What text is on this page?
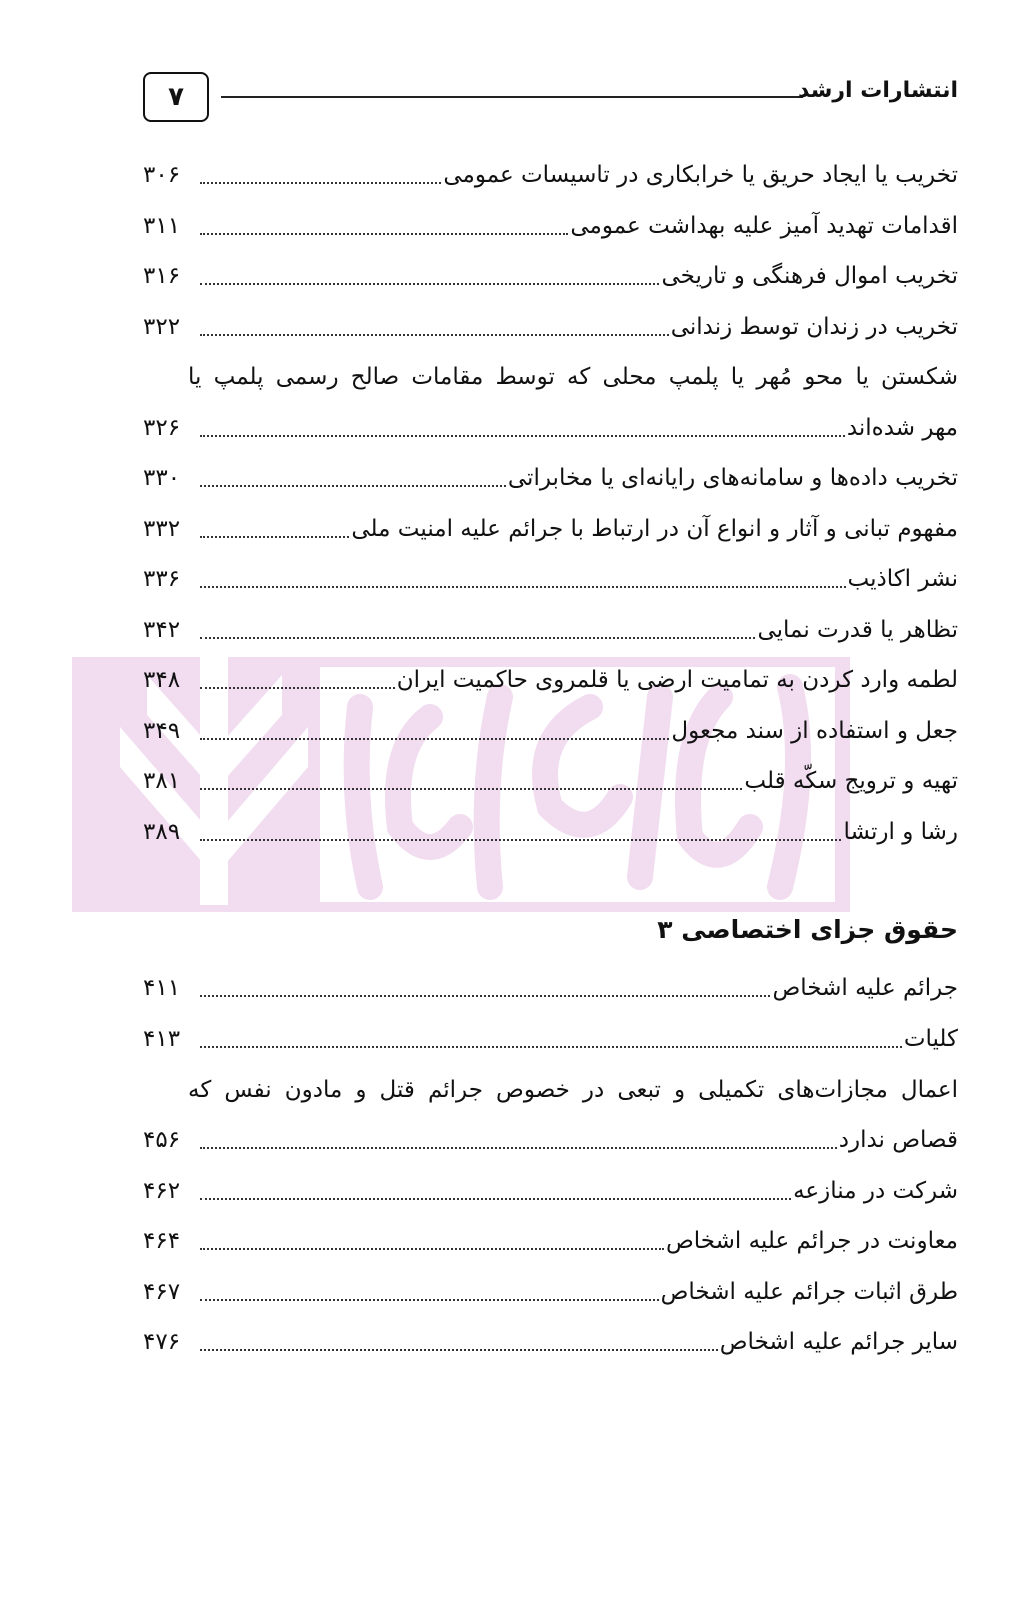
۷	انتشارات ارشد
تخریب یا ایجاد حریق یا خرابکاری در تاسیسات عمومی
۳۰۶
اقدامات تهدید آمیز علیه بهداشت عمومی
۳۱۱
تخریب اموال فرهنگی و تاریخی
۳۱۶
تخریب در زندان توسط زندانی
۳۲۲
شکستن یا محو مُهر یا پلمپ محلی که توسط مقامات صالح رسمی پلمپ یا
مهر شده‌اند
۳۲۶
تخریب داده‌ها و سامانه‌های رایانه‌ای یا مخابراتی
۳۳۰
مفهوم تبانی و آثار و انواع آن در ارتباط با جرائم علیه امنیت ملی
۳۳۲
نشر اکاذیب
۳۳۶
تظاهر یا قدرت نمایی
۳۴۲
لطمه وارد کردن به تمامیت ارضی یا قلمروی حاکمیت ایران
۳۴۸
جعل و استفاده از سند مجعول
۳۴۹
تهیه و ترویج سکّه قلب
۳۸۱
رشا و ارتشا
۳۸۹
حقوق جزای اختصاصی ۳
جرائم علیه اشخاص
۴۱۱
کلیات
۴۱۳
اعمال مجازات‌های تکمیلی و تبعی در خصوص جرائم قتل و مادون نفس که
قصاص ندارد
۴۵۶
شرکت در منازعه
۴۶۲
معاونت در جرائم علیه اشخاص
۴۶۴
طرق اثبات جرائم علیه اشخاص
۴۶۷
سایر جرائم علیه اشخاص
۴۷۶
